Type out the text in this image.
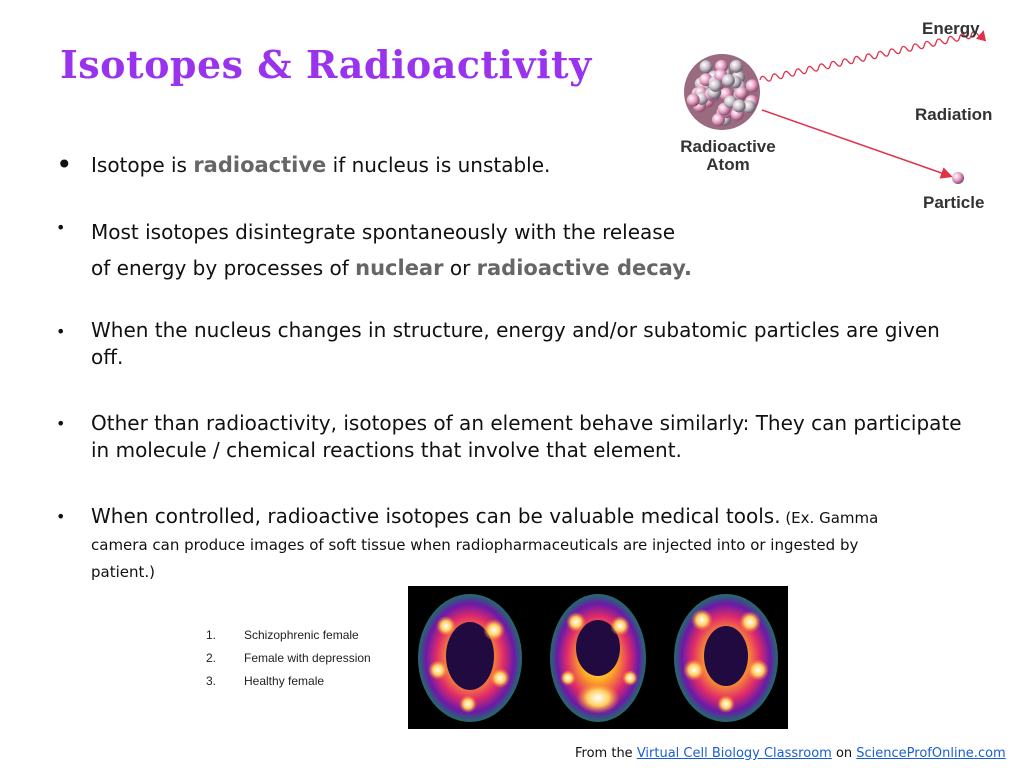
Isotopes & Radioactivity
Energy
Radiation
Radioactive
Atom
Particle
• Isotope is radioactive if nucleus is unstable.
• Most isotopes disintegrate spontaneously with the release
of energy by processes of nuclear or radioactive decay.
• When the nucleus changes in structure, energy and/or subatomic particles are given off.
• Other than radioactivity, isotopes of an element behave similarly: They can participate in molecule / chemical reactions that involve that element.
• When controlled, radioactive isotopes can be valuable medical tools. (Ex. Gamma camera can produce images of soft tissue when radiopharmaceuticals are injected into or ingested by patient.)
1.	Schizophrenic female
2.	Female with depression
3.	Healthy female
From the Virtual Cell Biology Classroom on ScienceProfOnline.com
